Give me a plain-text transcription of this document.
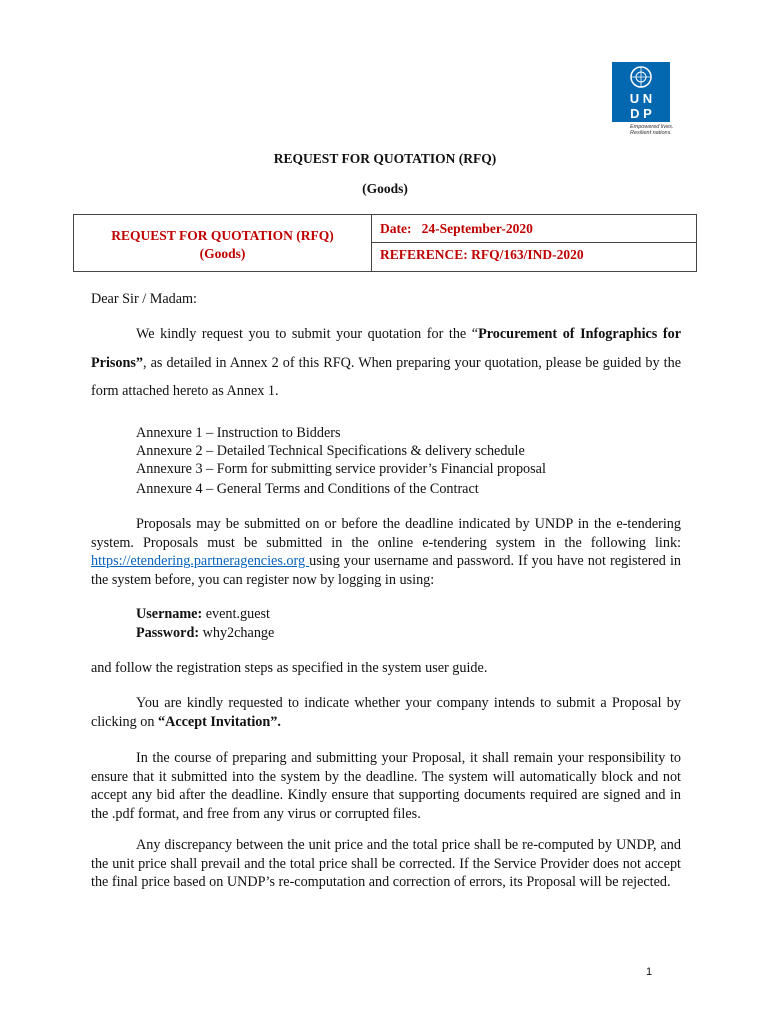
U N
D P
Empowered lives.
Resilient nations.
REQUEST FOR QUOTATION (RFQ)
(Goods)
REQUEST FOR QUOTATION (RFQ)
(Goods)
Date: 24-September-2020
REFERENCE: RFQ/163/IND-2020
Dear Sir / Madam:
We kindly request you to submit your quotation for the “Procurement of Infographics for Prisons”, as detailed in Annex 2 of this RFQ. When preparing your quotation, please be guided by the form attached hereto as Annex 1.
Annexure 1 – Instruction to Bidders
Annexure 2 – Detailed Technical Specifications & delivery schedule
Annexure 3 – Form for submitting service provider’s Financial proposal
Annexure 4 – General Terms and Conditions of the Contract
Proposals may be submitted on or before the deadline indicated by UNDP in the e-tendering system. Proposals must be submitted in the online e-tendering system in the following link: https://etendering.partneragencies.org using your username and password. If you have not registered in the system before, you can register now by logging in using:
Username: event.guest
Password: why2change
and follow the registration steps as specified in the system user guide.
You are kindly requested to indicate whether your company intends to submit a Proposal by clicking on “Accept Invitation”.
In the course of preparing and submitting your Proposal, it shall remain your responsibility to ensure that it submitted into the system by the deadline. The system will automatically block and not accept any bid after the deadline. Kindly ensure that supporting documents required are signed and in the .pdf format, and free from any virus or corrupted files.
Any discrepancy between the unit price and the total price shall be re-computed by UNDP, and the unit price shall prevail and the total price shall be corrected. If the Service Provider does not accept the final price based on UNDP’s re-computation and correction of errors, its Proposal will be rejected.
1
